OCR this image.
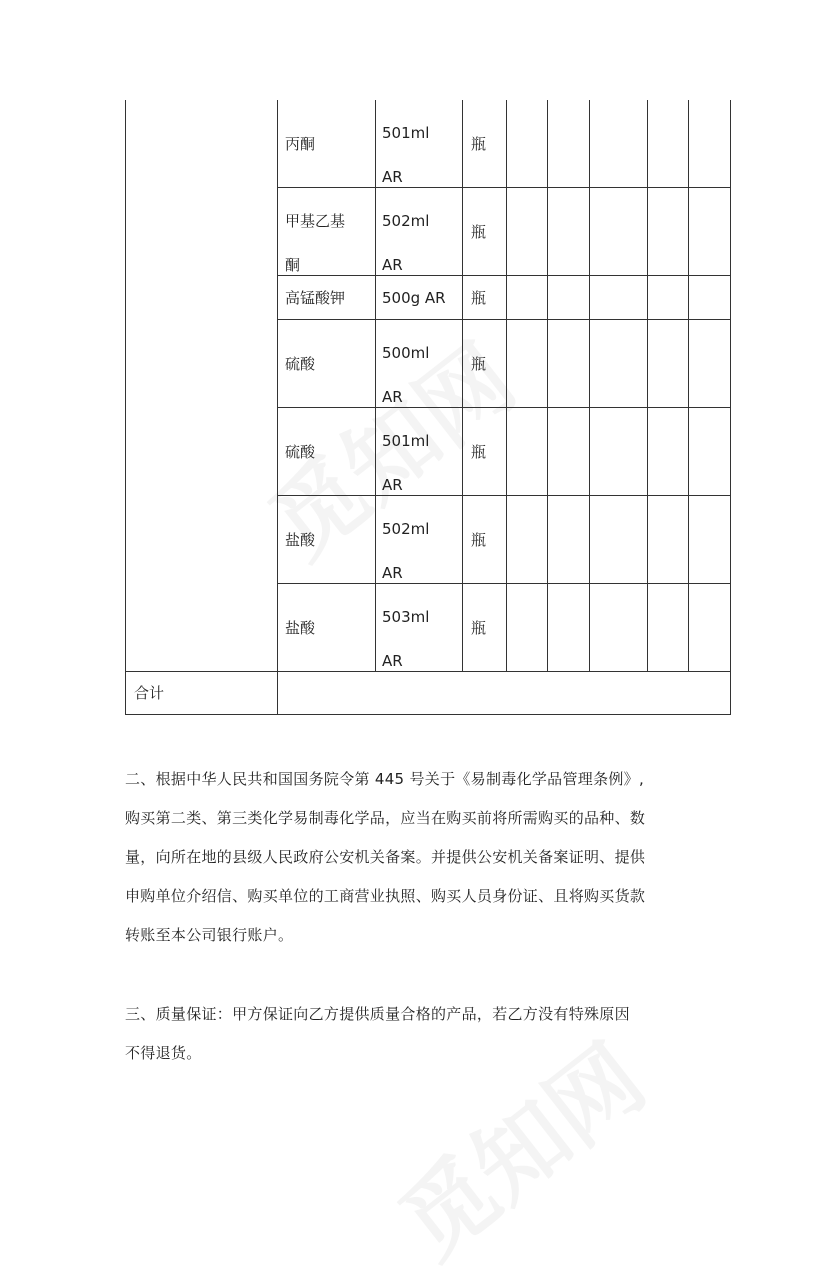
丙酮
501ml
AR
瓶
甲基乙基
酮
502ml
AR
瓶
高锰酸钾 500g AR 瓶
硫酸
500ml
AR
瓶
硫酸
501ml
AR
瓶
盐酸
502ml
AR
瓶
盐酸
503ml
AR
瓶
合计

二、根据中华人民共和国国务院令第 445 号关于《易制毒化学品管理条例》,

购买第二类、第三类化学易制毒化学品，应当在购买前将所需购买的品种、数

量，向所在地的县级人民政府公安机关备案。并提供公安机关备案证明、提供

申购单位介绍信、购买单位的工商营业执照、购买人员身份证、且将购买货款

转账至本公司银行账户。

三、质量保证：甲方保证向乙方提供质量合格的产品，若乙方没有特殊原因

不得退货。
